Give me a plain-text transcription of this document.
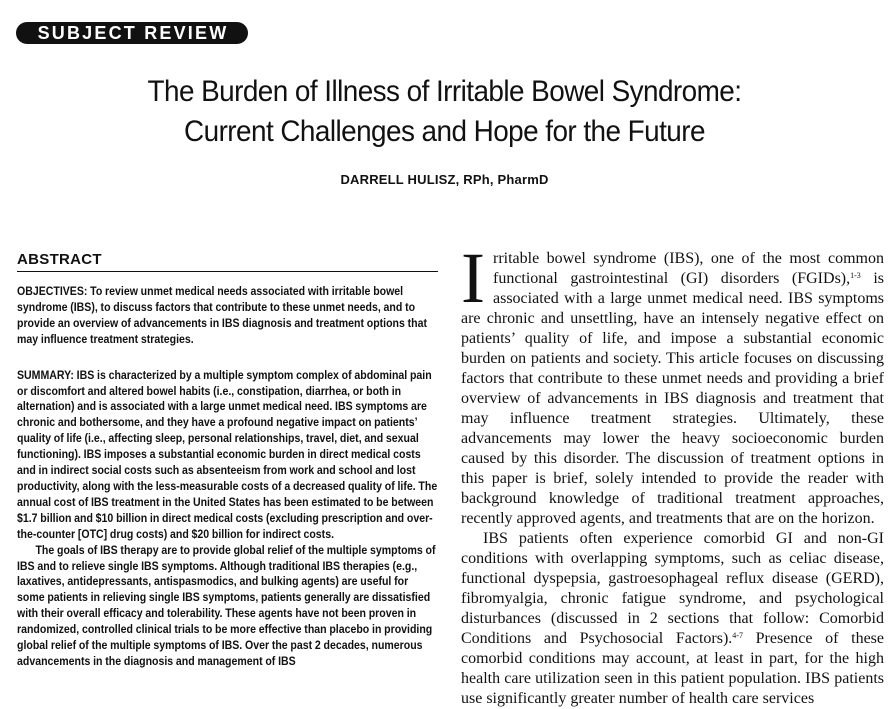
SUBJECT REVIEW
The Burden of Illness of Irritable Bowel Syndrome:
Current Challenges and Hope for the Future
DARRELL HULISZ, RPh, PharmD
ABSTRACT

OBJECTIVES: To review unmet medical needs associated with irritable bowel syndrome (IBS), to discuss factors that contribute to these unmet needs, and to provide an overview of advancements in IBS diagnosis and treatment options that may influence treatment strategies.

SUMMARY: IBS is characterized by a multiple symptom complex of abdominal pain or discomfort and altered bowel habits (i.e., constipation, diarrhea, or both in alternation) and is associated with a large unmet medical need. IBS symptoms are chronic and bothersome, and they have a profound negative impact on patients’ quality of life (i.e., affecting sleep, personal relationships, travel, diet, and sexual functioning). IBS imposes a substantial economic burden in direct medical costs and in indirect social costs such as absenteeism from work and school and lost productivity, along with the less-measurable costs of a decreased quality of life. The annual cost of IBS treatment in the United States has been estimated to be between $1.7 billion and $10 billion in direct medical costs (excluding prescription and over-the-counter [OTC] drug costs) and $20 billion for indirect costs.

The goals of IBS therapy are to provide global relief of the multiple symptoms of IBS and to relieve single IBS symptoms. Although traditional IBS therapies (e.g., laxatives, antidepressants, antispasmodics, and bulking agents) are useful for some patients in relieving single IBS symptoms, patients generally are dissatisfied with their overall efficacy and tolerability. These agents have not been proven in randomized, controlled clinical trials to be more effective than placebo in providing global relief of the multiple symptoms of IBS. Over the past 2 decades, numerous advancements in the diagnosis and management of IBS

Irritable bowel syndrome (IBS), one of the most common functional gastrointestinal (GI) disorders (FGIDs),$^{1-3}$ is associated with a large unmet medical need. IBS symptoms are chronic and unsettling, have an intensely negative effect on patients’ quality of life, and impose a substantial economic burden on patients and society. This article focuses on discussing factors that contribute to these unmet needs and providing a brief overview of advancements in IBS diagnosis and treatment that may influence treatment strategies. Ultimately, these advancements may lower the heavy socioeconomic burden caused by this disorder. The discussion of treatment options in this paper is brief, solely intended to provide the reader with background knowledge of traditional treatment approaches, recently approved agents, and treatments that are on the horizon.

IBS patients often experience comorbid GI and non-GI conditions with overlapping symptoms, such as celiac disease, functional dyspepsia, gastroesophageal reflux disease (GERD), fibromyalgia, chronic fatigue syndrome, and psychological disturbances (discussed in 2 sections that follow: Comorbid Conditions and Psychosocial Factors).$^{4-7}$ Presence of these comorbid conditions may account, at least in part, for the high health care utilization seen in this patient population. IBS patients use significantly greater number of health care services
